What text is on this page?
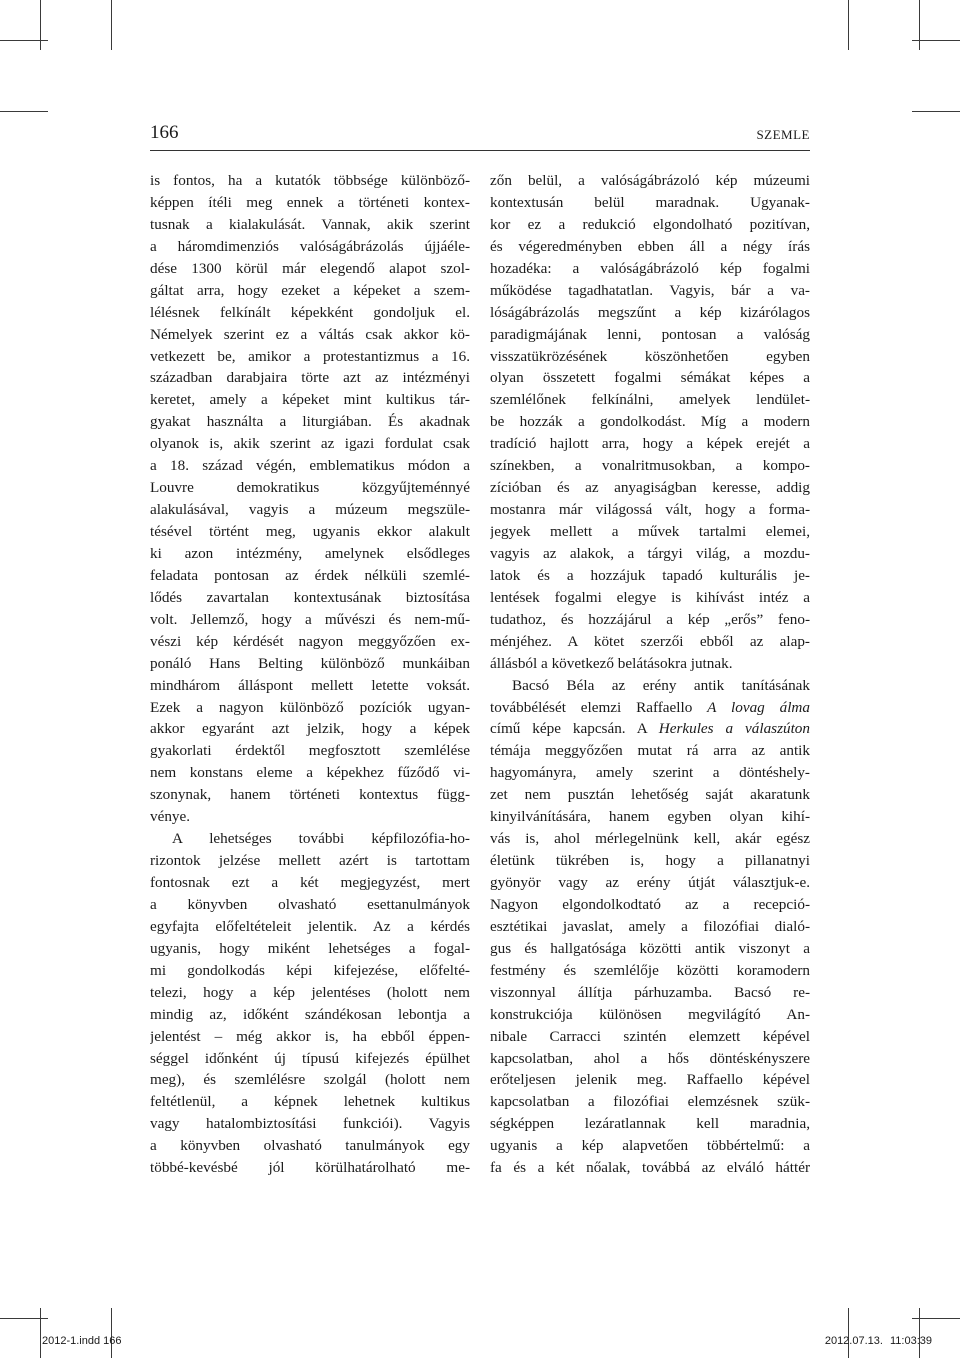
166	SZEMLE
is fontos, ha a kutatók többsége különböző-
képpen ítéli meg ennek a történeti kontex-
tusnak a kialakulását. Vannak, akik szerint
a háromdimenziós valóságábrázolás újjáéle-
dése 1300 körül már elegendő alapot szol-
gáltat arra, hogy ezeket a képeket a szem-
lélésnek felkínált képekként gondoljuk el.
Némelyek szerint ez a váltás csak akkor kö-
vetkezett be, amikor a protestantizmus a 16.
században darabjaira törte azt az intézményi
keretet, amely a képeket mint kultikus tár-
gyakat használta a liturgiában. És akadnak
olyanok is, akik szerint az igazi fordulat csak
a 18. század végén, emblematikus módon a
Louvre demokratikus közgyűjteménnyé
alakulásával, vagyis a múzeum megszüle-
tésével történt meg, ugyanis ekkor alakult
ki azon intézmény, amelynek elsődleges
feladata pontosan az érdek nélküli szemlé-
lődés zavartalan kontextusának biztosítása
volt. Jellemző, hogy a művészi és nem-mű-
vészi kép kérdését nagyon meggyőzően ex-
ponáló Hans Belting különböző munkáiban
mindhárom álláspont mellett letette voksát.
Ezek a nagyon különböző pozíciók ugyan-
akkor egyaránt azt jelzik, hogy a képek
gyakorlati érdektől megfosztott szemlélése
nem konstans eleme a képekhez fűződő vi-
szonynak, hanem történeti kontextus függ-
vénye.
A lehetséges további képfilozófia-ho-
rizontok jelzése mellett azért is tartottam
fontosnak ezt a két megjegyzést, mert
a könyvben olvasható esettanulmányok
egyfajta előfeltételeit jelentik. Az a kérdés
ugyanis, hogy miként lehetséges a fogal-
mi gondolkodás képi kifejezése, előfelté-
telezi, hogy a kép jelentéses (holott nem
mindig az, időként szándékosan lebontja a
jelentést – még akkor is, ha ebből éppen-
séggel időnként új típusú kifejezés épülhet
meg), és szemlélésre szolgál (holott nem
feltétlenül, a képnek lehetnek kultikus
vagy hatalombiztosítási funkciói). Vagyis
a könyvben olvasható tanulmányok egy
többé-kevésbé jól körülhatárolható me-
zőn belül, a valóságábrázoló kép múzeumi
kontextusán belül maradnak. Ugyanak-
kor ez a redukció elgondolható pozitívan,
és végeredményben ebben áll a négy írás
hozadéka: a valóságábrázoló kép fogalmi
működése tagadhatatlan. Vagyis, bár a va-
lóságábrázolás megszűnt a kép kizárólagos
paradigmájának lenni, pontosan a valóság
visszatükrözésének köszönhetően egyben
olyan összetett fogalmi sémákat képes a
szemlélőnek felkínálni, amelyek lendület-
be hozzák a gondolkodást. Míg a modern
tradíció hajlott arra, hogy a képek erejét a
színekben, a vonalritmusokban, a kompo-
zícióban és az anyagiságban keresse, addig
mostanra már világossá vált, hogy a forma-
jegyek mellett a művek tartalmi elemei,
vagyis az alakok, a tárgyi világ, a mozdu-
latok és a hozzájuk tapadó kulturális je-
lentések fogalmi elegye is kihívást intéz a
tudathoz, és hozzájárul a kép „erős” feno-
ménjéhez. A kötet szerzői ebből az alap-
állásból a következő belátásokra jutnak.
Bacsó Béla az erény antik tanításának
továbbélését elemzi Raffaello A lovag álma
című képe kapcsán. A Herkules a válaszúton
témája meggyőzően mutat rá arra az antik
hagyományra, amely szerint a döntéshely-
zet nem pusztán lehetőség saját akaratunk
kinyilvánítására, hanem egyben olyan kihí-
vás is, ahol mérlegelnünk kell, akár egész
életünk tükrében is, hogy a pillanatnyi
gyönyör vagy az erény útját választjuk-e.
Nagyon elgondolkodtató az a recepció-
esztétikai javaslat, amely a filozófiai dialó-
gus és hallgatósága közötti antik viszonyt a
festmény és szemlélője közötti koramodern
viszonnyal állítja párhuzamba. Bacsó re-
konstrukciója különösen megvilágító An-
nibale Carracci szintén elemzett képével
kapcsolatban, ahol a hős döntéskényszere
erőteljesen jelenik meg. Raffaello képével
kapcsolatban a filozófiai elemzésnek szük-
ségképpen lezáratlannak kell maradnia,
ugyanis a kép alapvetően többértelmű: a
fa és a két nőalak, továbbá az elváló háttér
2012-1.indd 166	2012.07.13. 11:03:39
